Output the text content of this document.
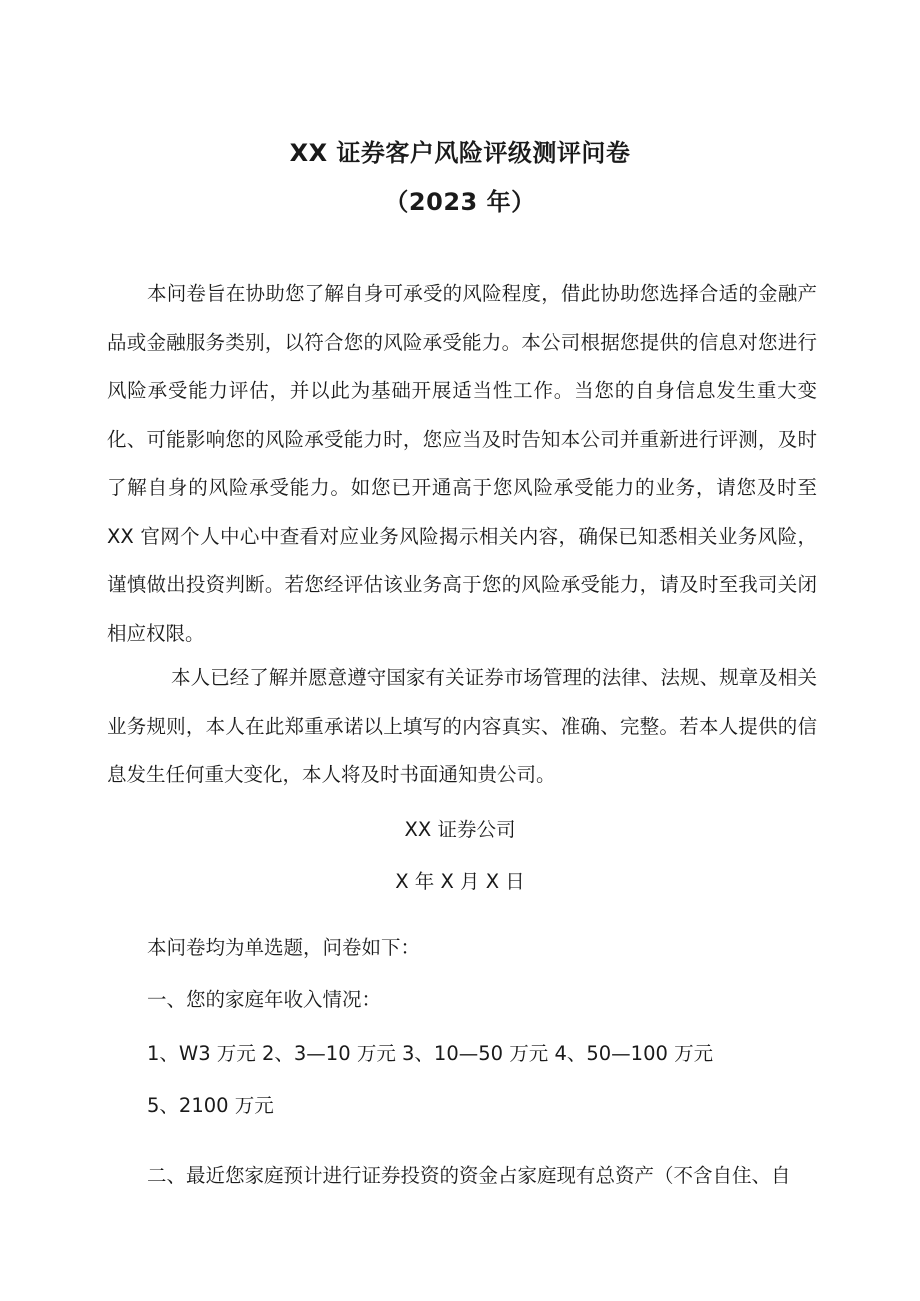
XX 证券客户风险评级测评问卷
（2023 年）

本问卷旨在协助您了解自身可承受的风险程度，借此协助您选择合适的金融产品或金融服务类别，以符合您的风险承受能力。本公司根据您提供的信息对您进行风险承受能力评估，并以此为基础开展适当性工作。当您的自身信息发生重大变化、可能影响您的风险承受能力时，您应当及时告知本公司并重新进行评测，及时了解自身的风险承受能力。如您已开通高于您风险承受能力的业务，请您及时至 XX 官网个人中心中查看对应业务风险揭示相关内容，确保已知悉相关业务风险，谨慎做出投资判断。若您经评估该业务高于您的风险承受能力，请及时至我司关闭相应权限。

本人已经了解并愿意遵守国家有关证券市场管理的法律、法规、规章及相关业务规则，本人在此郑重承诺以上填写的内容真实、准确、完整。若本人提供的信息发生任何重大变化，本人将及时书面通知贵公司。

XX 证券公司
X 年 X 月 X 日
本问卷均为单选题，问卷如下：
一、您的家庭年收入情况：
1、W3 万元 2、3—10 万元 3、10—50 万元 4、50—100 万元
5、2100 万元
二、最近您家庭预计进行证券投资的资金占家庭现有总资产（不含自住、自
